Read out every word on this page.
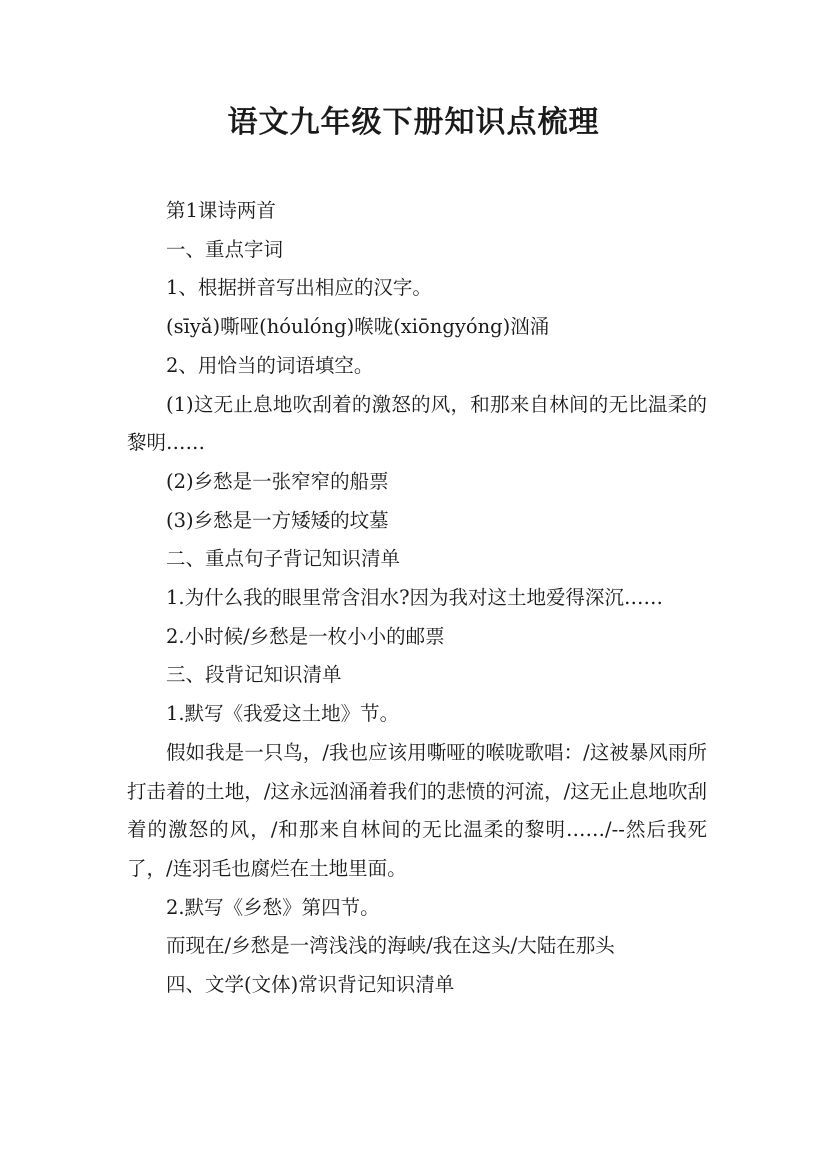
语文九年级下册知识点梳理

第1课诗两首

一、重点字词

1、根据拼音写出相应的汉字。

(sīyǎ)嘶哑(hóulóng)喉咙(xiōngyóng)汹涌

2、用恰当的词语填空。

(1)这无止息地吹刮着的激怒的风，和那来自林间的无比温柔的黎明……

(2)乡愁是一张窄窄的船票

(3)乡愁是一方矮矮的坟墓

二、重点句子背记知识清单

1.为什么我的眼里常含泪水?因为我对这土地爱得深沉……

2.小时候/乡愁是一枚小小的邮票

三、段背记知识清单

1.默写《我爱这土地》节。

假如我是一只鸟，/我也应该用嘶哑的喉咙歌唱：/这被暴风雨所打击着的土地，/这永远汹涌着我们的悲愤的河流，/这无止息地吹刮着的激怒的风，/和那来自林间的无比温柔的黎明……/--然后我死了，/连羽毛也腐烂在土地里面。

2.默写《乡愁》第四节。

而现在/乡愁是一湾浅浅的海峡/我在这头/大陆在那头

四、文学(文体)常识背记知识清单
